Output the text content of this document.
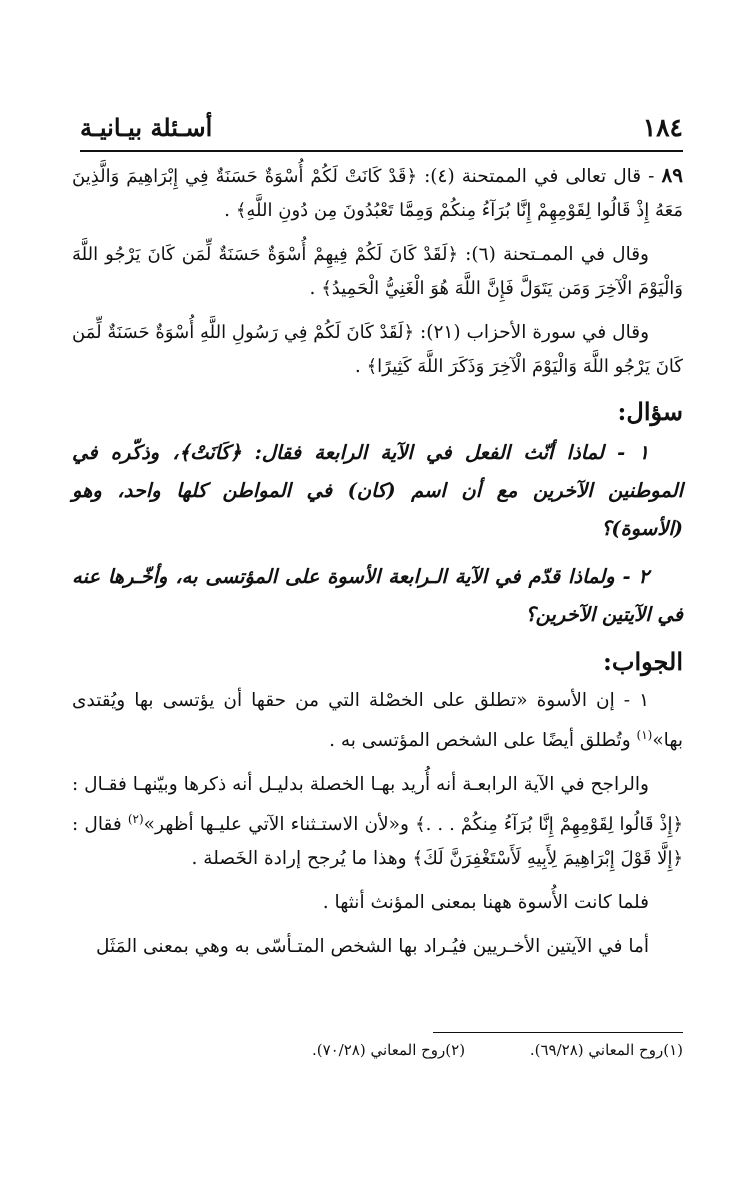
١٨٤
أسـئلة بيـانيـة

٨٩ - قال تعالى في الممتحنة (٤): ﴿قَدْ كَانَتْ لَكُمْ أُسْوَةٌ حَسَنَةٌ فِي إِبْرَاهِيمَ وَالَّذِينَ مَعَهُ إِذْ قَالُوا لِقَوْمِهِمْ إِنَّا بُرَآءُ مِنكُمْ وَمِمَّا تَعْبُدُونَ مِن دُونِ اللَّهِ﴾ .

وقال في الممـتحنة (٦): ﴿لَقَدْ كَانَ لَكُمْ فِيهِمْ أُسْوَةٌ حَسَنَةٌ لِّمَن كَانَ يَرْجُو اللَّهَ وَالْيَوْمَ الْآخِرَ وَمَن يَتَوَلَّ فَإِنَّ اللَّهَ هُوَ الْغَنِيُّ الْحَمِيدُ﴾ .

وقال في سورة الأحزاب (٢١): ﴿لَقَدْ كَانَ لَكُمْ فِي رَسُولِ اللَّهِ أُسْوَةٌ حَسَنَةٌ لِّمَن كَانَ يَرْجُو اللَّهَ وَالْيَوْمَ الْآخِرَ وَذَكَرَ اللَّهَ كَثِيرًا﴾ .

سؤال:

١ - لماذا أنّث الفعل في الآية الرابعة فقال: ﴿كَانَتْ﴾، وذكّره في الموطنين الآخرين مع أن اسم (كان) في المواطن كلها واحد، وهو (الأسوة)؟

٢ - ولماذا قدّم في الآية الـرابعة الأسوة على المؤتسى به، وأخّـرها عنه في الآيتين الآخرين؟

الجواب:

١ - إن الأسوة «تطلق على الخصْلة التي من حقها أن يؤتسى بها ويُقتدى بها»$^{(١)}$ وتُطلق أيضًا على الشخص المؤتسى به .

والراجح في الآية الرابعـة أنه أُريد بهـا الخصلة بدليـل أنه ذكرها وبيّنهـا فقـال : ﴿إِذْ قَالُوا لِقَوْمِهِمْ إِنَّا بُرَآءُ مِنكُمْ . . .﴾ و«لأن الاستـثناء الآتي عليـها أظهر»$^{(٢)}$ فقال : ﴿إِلَّا قَوْلَ إِبْرَاهِيمَ لِأَبِيهِ لَأَسْتَغْفِرَنَّ لَكَ﴾ وهذا ما يُرجح إرادة الخَصلة .

فلما كانت الأُسوة ههنا بمعنى المؤنث أنثها .

أما في الآيتين الأخـريين فيُـراد بها الشخص المتـأسّى به وهي بمعنى المَثَل

(١)روح المعاني (٦٩/٢٨). (٢)روح المعاني (٧٠/٢٨).
